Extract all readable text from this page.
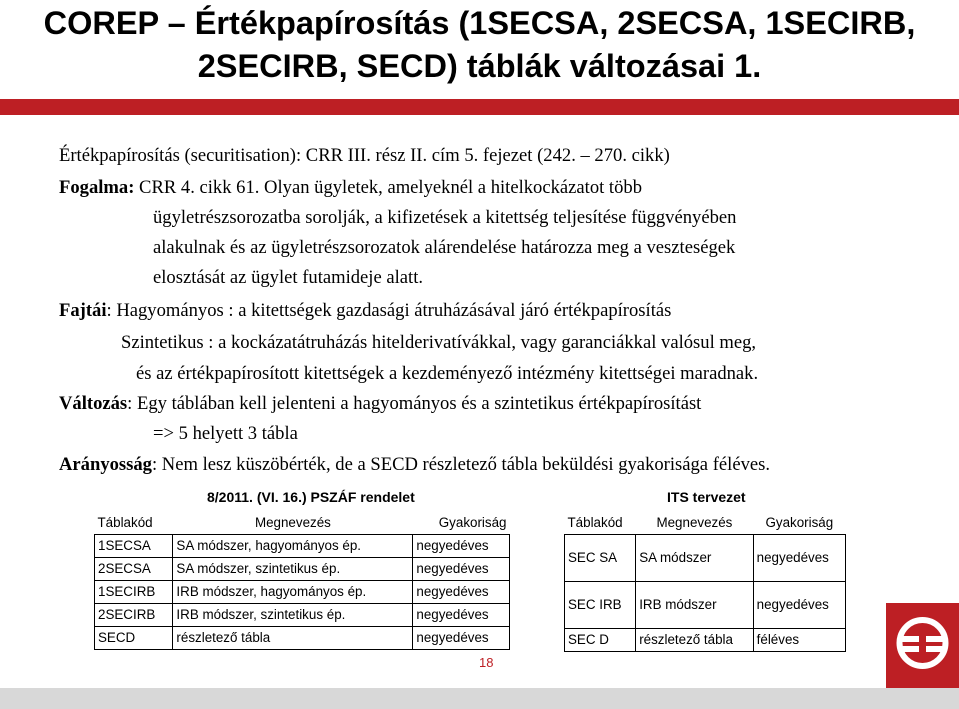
COREP – Értékpapírosítás (1SECSA, 2SECSA, 1SECIRB,
2SECIRB, SECD) táblák változásai 1.
Értékpapírosítás (securitisation): CRR III. rész II. cím 5. fejezet (242. – 270. cikk)
Fogalma: CRR 4. cikk 61. Olyan ügyletek, amelyeknél a hitelkockázatot több
ügyletrészsorozatba sorolják, a kifizetések a kitettség teljesítése függvényében
alakulnak és az ügyletrészsorozatok alárendelése határozza meg a veszteségek
elosztását az ügylet futamideje alatt.
Fajtái: Hagyományos : a kitettségek gazdasági átruházásával járó értékpapírosítás
Szintetikus : a kockázatátruházás hitelderivatívákkal, vagy garanciákkal valósul meg,
és az értékpapírosított kitettségek a kezdeményező intézmény kitettségei maradnak.
Változás: Egy táblában kell jelenteni a hagyományos és a szintetikus értékpapírosítást
=> 5 helyett 3 tábla
Arányosság: Nem lesz küszöbérték, de a SECD részletező tábla beküldési gyakorisága féléves.
8/2011. (VI. 16.) PSZÁF rendelet	ITS tervezet
Táblakód	Megnevezés	Gyakoriság
1SECSA	SA módszer, hagyományos ép.	negyedéves
2SECSA	SA módszer, szintetikus ép.	negyedéves
1SECIRB	IRB módszer, hagyományos ép.	negyedéves
2SECIRB	IRB módszer, szintetikus ép.	negyedéves
SECD	részletező tábla	negyedéves
Táblakód	Megnevezés	Gyakoriság
SEC SA	SA módszer	negyedéves
SEC IRB	IRB módszer	negyedéves
SEC D	részletező tábla	féléves
18
